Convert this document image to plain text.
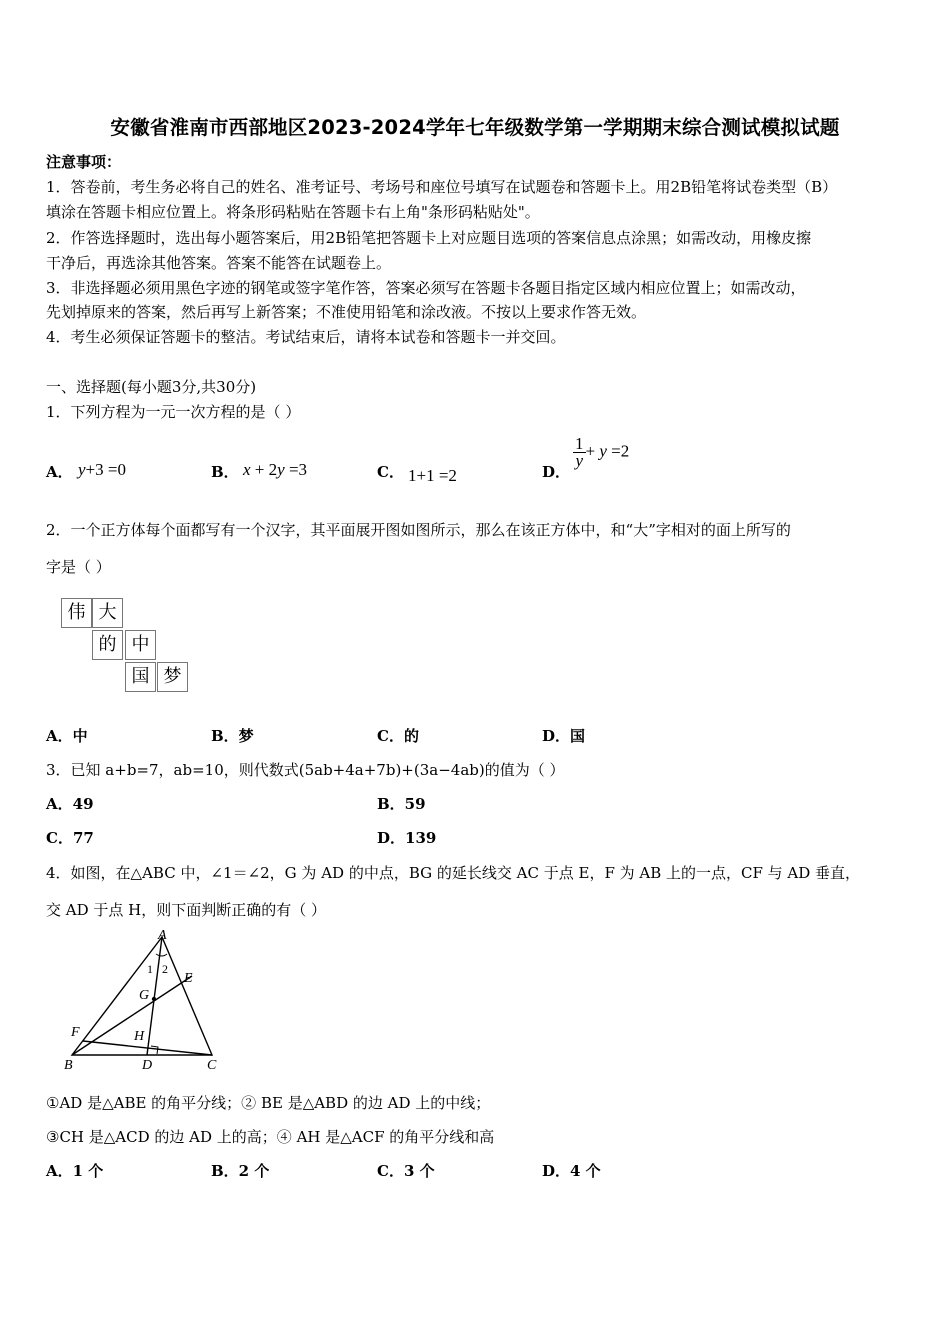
安徽省淮南市西部地区2023-2024学年七年级数学第一学期期末综合测试模拟试题
注意事项：
1．答卷前，考生务必将自己的姓名、准考证号、考场号和座位号填写在试题卷和答题卡上。用2B铅笔将试卷类型（B）
填涂在答题卡相应位置上。将条形码粘贴在答题卡右上角"条形码粘贴处"。
2．作答选择题时，选出每小题答案后，用2B铅笔把答题卡上对应题目选项的答案信息点涂黑；如需改动，用橡皮擦
干净后，再选涂其他答案。答案不能答在试题卷上。
3．非选择题必须用黑色字迹的钢笔或签字笔作答，答案必须写在答题卡各题目指定区域内相应位置上；如需改动，
先划掉原来的答案，然后再写上新答案；不准使用铅笔和涂改液。不按以上要求作答无效。
4．考生必须保证答题卡的整洁。考试结束后，请将本试卷和答题卡一并交回。
一、选择题(每小题3分,共30分)
1．下列方程为一元一次方程的是（ ）
A． y+3 =0	B． x + 2y =3	C． 1+1 =2	D．
$\frac{1}{y} + y =2$
2．一个正方体每个面都写有一个汉字，其平面展开图如图所示，那么在该正方体中，和“大”字相对的面上所写的
字是（ ）
伟 大
的 中
国 梦
A．中	B．梦	C．的	D．国
3．已知 a+b=7，ab=10，则代数式(5ab+4a+7b)+(3a−4ab)的值为（ ）
A．49	B．59
C．77	D．139
4．如图，在△ABC 中，∠1＝∠2，G 为 AD 的中点，BG 的延长线交 AC 于点 E，F 为 AB 上的一点，CF 与 AD 垂直，
交 AD 于点 H，则下面判断正确的有（ ）
A
1 2
E
G
F	H
B	D	C
①AD 是△ABE 的角平分线；② BE 是△ABD 的边 AD 上的中线；
③CH 是△ACD 的边 AD 上的高；④ AH 是△ACF 的角平分线和高
A．1 个	B．2 个	C．3 个	D．4 个
